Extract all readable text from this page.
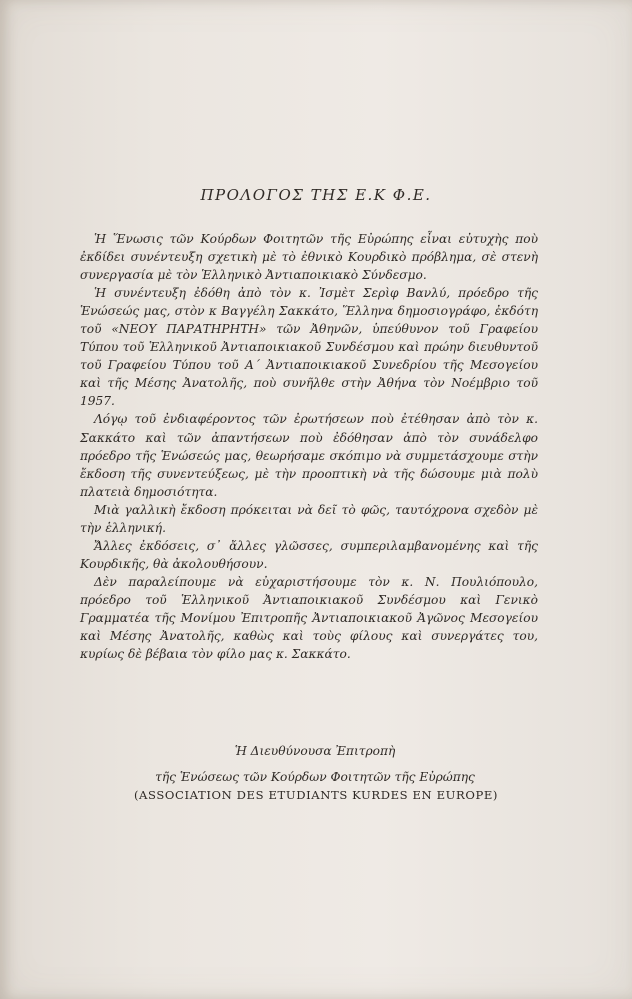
ΠΡΟΛΟΓΟΣ ΤΗΣ Ε.Κ Φ.Ε.

Ἡ Ἕνωσις τῶν Κούρδων Φοιτητῶν τῆς Εὐρώπης εἶναι εὐτυχὴς ποὺ ἐκδίδει συνέντευξη σχετικὴ μὲ τὸ ἐθνικὸ Κουρδικὸ πρόβλημα, σὲ στενὴ συνεργασία μὲ τὸν Ἑλληνικὸ Ἀντιαποικιακὸ Σύνδεσμο.

Ἡ συνέντευξη ἐδόθη ἀπὸ τὸν κ. Ἰσμὲτ Σερὶφ Βανλύ, πρόεδρο τῆς Ἑνώσεώς μας, στὸν κ Βαγγέλη Σακκάτο, Ἕλληνα δημοσιογράφο, ἐκδότη τοῦ «ΝΕΟΥ ΠΑΡΑΤΗΡΗΤΗ» τῶν Ἀθηνῶν, ὑπεύθυνον τοῦ Γραφείου Τύπου τοῦ Ἑλληνικοῦ Ἀντιαποικιακοῦ Συνδέσμου καὶ πρώην διευθυντοῦ τοῦ Γραφείου Τύπου τοῦ Α΄ Ἀντιαποικιακοῦ Συνεδρίου τῆς Μεσογείου καὶ τῆς Μέσης Ἀνατολῆς, ποὺ συνῆλθε στὴν Ἀθήνα τὸν Νοέμβριο τοῦ 1957.

Λόγῳ τοῦ ἐνδιαφέροντος τῶν ἐρωτήσεων ποὺ ἐτέθησαν ἀπὸ τὸν κ. Σακκάτο καὶ τῶν ἀπαντήσεων ποὺ ἐδόθησαν ἀπὸ τὸν συνάδελφο πρόεδρο τῆς Ἑνώσεώς μας, θεωρήσαμε σκόπιμο νὰ συμμετάσχουμε στὴν ἔκδοση τῆς συνεντεύξεως, μὲ τὴν προοπτικὴ νὰ τῆς δώσουμε μιὰ πολὺ πλατειὰ δημοσιότητα.

Μιὰ γαλλικὴ ἔκδοση πρόκειται νὰ δεῖ τὸ φῶς, ταυτόχρονα σχεδὸν μὲ τὴν ἑλληνική.

Ἄλλες ἐκδόσεις, σ᾿ ἄλλες γλῶσσες, συμπεριλαμβανομένης καὶ τῆς Κουρδικῆς, θὰ ἀκολουθήσουν.

Δὲν παραλείπουμε νὰ εὐχαριστήσουμε τὸν κ. Ν. Πουλιόπουλο, πρόεδρο τοῦ Ἑλληνικοῦ Ἀντιαποικιακοῦ Συνδέσμου καὶ Γενικὸ Γραμματέα τῆς Μονίμου Ἐπιτροπῆς Ἀντιαποικιακοῦ Ἀγῶνος Μεσογείου καὶ Μέσης Ἀνατολῆς, καθὼς καὶ τοὺς φίλους καὶ συνεργάτες του, κυρίως δὲ βέβαια τὸν φίλο μας κ. Σακκάτο.

Ἡ Διευθύνουσα Ἐπιτροπὴ
τῆς Ἑνώσεως τῶν Κούρδων Φοιτητῶν τῆς Εὐρώπης
(ASSOCIATION DES ETUDIANTS KURDES EN EUROPE)
